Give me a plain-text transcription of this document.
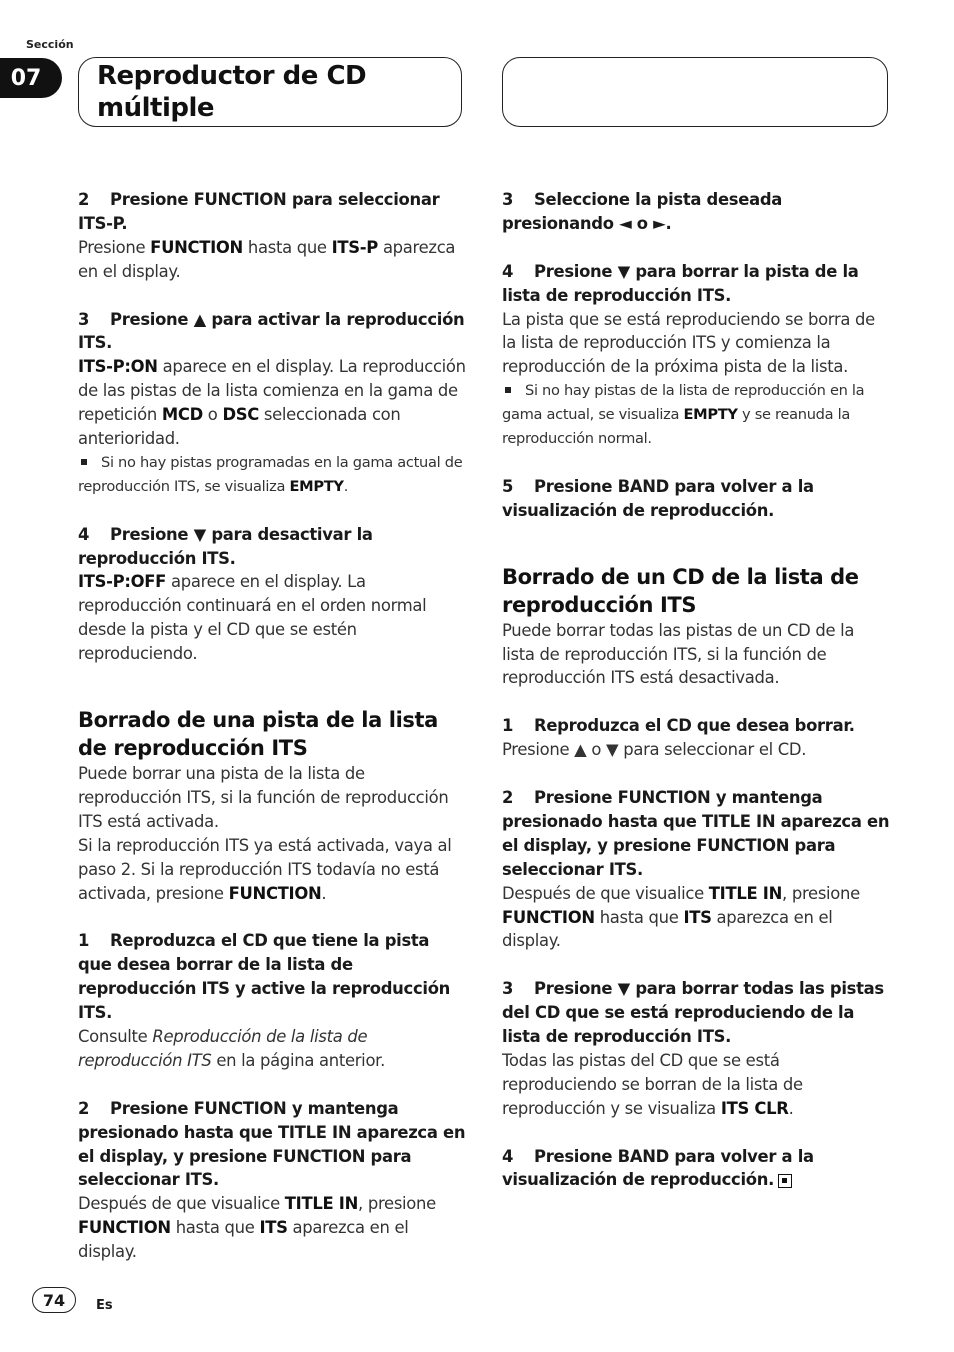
Sección
07	Reproductor de CD múltiple

2 Presione FUNCTION para seleccionar ITS-P.

Presione FUNCTION hasta que ITS-P aparezca en el display.

3 Presione ▲ para activar la reproducción ITS.

ITS-P:ON aparece en el display. La reproducción de las pistas de la lista comienza en la gama de repetición MCD o DSC seleccionada con anterioridad.

Si no hay pistas programadas en la gama actual de reproducción ITS, se visualiza EMPTY.

4 Presione ▼ para desactivar la reproducción ITS.

ITS-P:OFF aparece en el display. La reproducción continuará en el orden normal desde la pista y el CD que se estén reproduciendo.

Borrado de una pista de la lista de reproducción ITS

Puede borrar una pista de la lista de reproducción ITS, si la función de reproducción ITS está activada.

Si la reproducción ITS ya está activada, vaya al paso 2. Si la reproducción ITS todavía no está activada, presione FUNCTION.

1 Reproduzca el CD que tiene la pista que desea borrar de la lista de reproducción ITS y active la reproducción ITS.

Consulte Reproducción de la lista de reproducción ITS en la página anterior.

2 Presione FUNCTION y mantenga presionado hasta que TITLE IN aparezca en el display, y presione FUNCTION para seleccionar ITS.

Después de que visualice TITLE IN, presione FUNCTION hasta que ITS aparezca en el display.

3 Seleccione la pista deseada presionando ◄ o ►.

4 Presione ▼ para borrar la pista de la lista de reproducción ITS.

La pista que se está reproduciendo se borra de la lista de reproducción ITS y comienza la reproducción de la próxima pista de la lista.

Si no hay pistas de la lista de reproducción en la gama actual, se visualiza EMPTY y se reanuda la reproducción normal.

5 Presione BAND para volver a la visualización de reproducción.

Borrado de un CD de la lista de reproducción ITS

Puede borrar todas las pistas de un CD de la lista de reproducción ITS, si la función de reproducción ITS está desactivada.

1 Reproduzca el CD que desea borrar.

Presione ▲ o ▼ para seleccionar el CD.

2 Presione FUNCTION y mantenga presionado hasta que TITLE IN aparezca en el display, y presione FUNCTION para seleccionar ITS.

Después de que visualice TITLE IN, presione FUNCTION hasta que ITS aparezca en el display.

3 Presione ▼ para borrar todas las pistas del CD que se está reproduciendo de la lista de reproducción ITS.

Todas las pistas del CD que se está reproduciendo se borran de la lista de reproducción y se visualiza ITS CLR.

4 Presione BAND para volver a la visualización de reproducción.

74	Es
